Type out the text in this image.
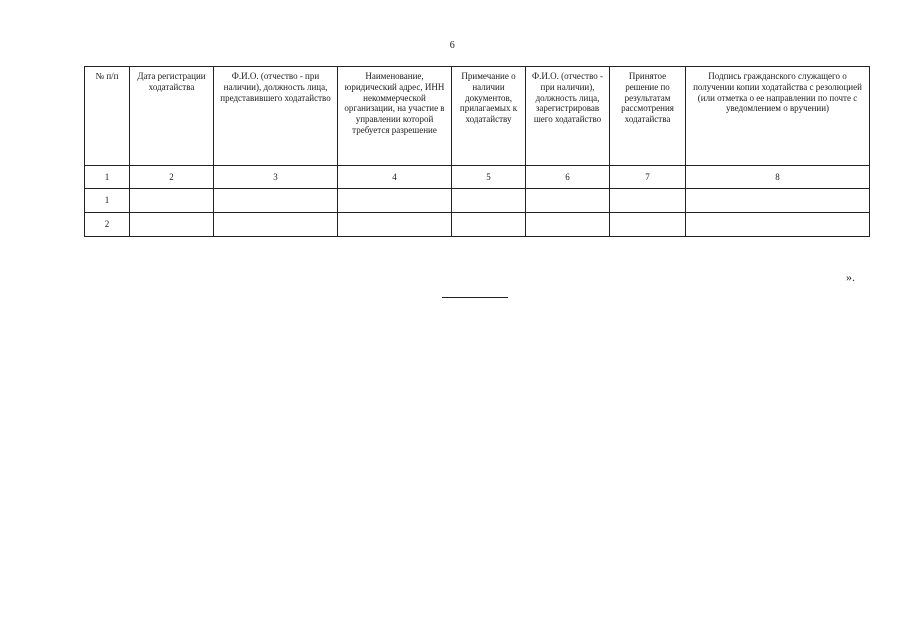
6
№ п/п	Дата регистрации ходатайства	Ф.И.О. (отчество - при наличии), должность лица, представившего ходатайство	Наименование, юридический адрес, ИНН некоммерческой организации, на участие в управлении которой требуется разрешение	Примечание о наличии документов, прилагаемых к ходатайству	Ф.И.О. (отчество - при наличии), должность лица, зарегистрировав шего ходатайство	Принятое решение по результатам рассмотрения ходатайства	Подпись гражданского служащего о получении копии ходатайства с резолюцией (или отметка о ее направлении по почте с уведомлением о вручении)
1	2	3	4	5	6	7	8
1							
2							
».
